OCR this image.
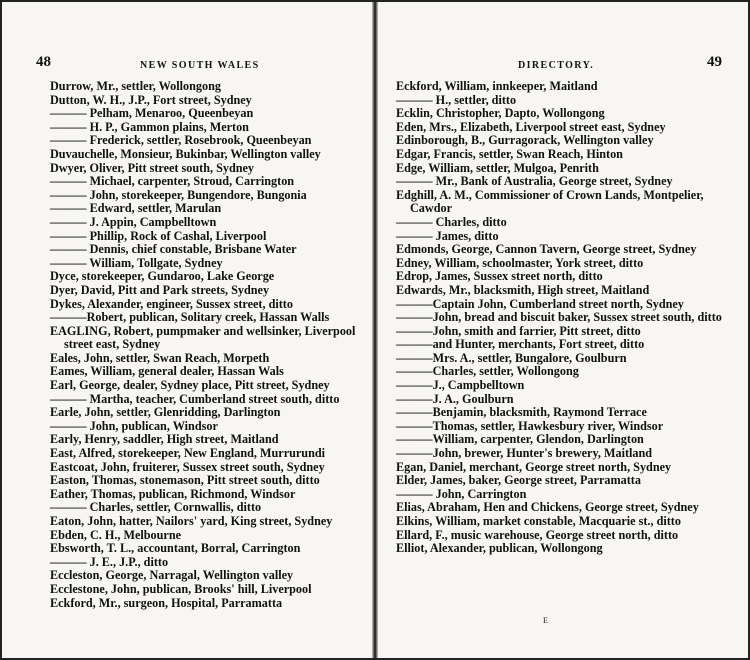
48	NEW SOUTH WALES
Durrow, Mr., settler, Wollongong
Dutton, W. H., J.P., Fort street, Sydney
——— Pelham, Menaroo, Queenbeyan
——— H. P., Gammon plains, Merton
——— Frederick, settler, Rosebrook, Queenbeyan
Duvauchelle, Monsieur, Bukinbar, Wellington valley
Dwyer, Oliver, Pitt street south, Sydney
——— Michael, carpenter, Stroud, Carrington
——— John, storekeeper, Bungendore, Bungonia
——— Edward, settler, Marulan
——— J. Appin, Campbelltown
——— Phillip, Rock of Cashal, Liverpool
——— Dennis, chief constable, Brisbane Water
——— William, Tollgate, Sydney
Dyce, storekeeper, Gundaroo, Lake George
Dyer, David, Pitt and Park streets, Sydney
Dykes, Alexander, engineer, Sussex street, ditto
———Robert, publican, Solitary creek, Hassan Walls
EAGLING, Robert, pumpmaker and wellsinker, Liverpool street east, Sydney
Eales, John, settler, Swan Reach, Morpeth
Eames, William, general dealer, Hassan Wals
Earl, George, dealer, Sydney place, Pitt street, Sydney
——— Martha, teacher, Cumberland street south, ditto
Earle, John, settler, Glenridding, Darlington
——— John, publican, Windsor
Early, Henry, saddler, High street, Maitland
East, Alfred, storekeeper, New England, Murrurundi
Eastcoat, John, fruiterer, Sussex street south, Sydney
Easton, Thomas, stonemason, Pitt street south, ditto
Eather, Thomas, publican, Richmond, Windsor
——— Charles, settler, Cornwallis, ditto
Eaton, John, hatter, Nailors' yard, King street, Sydney
Ebden, C. H., Melbourne
Ebsworth, T. L., accountant, Borral, Carrington
——— J. E., J.P., ditto
Eccleston, George, Narragal, Wellington valley
Ecclestone, John, publican, Brooks' hill, Liverpool
Eckford, Mr., surgeon, Hospital, Parramatta
DIRECTORY.	49
Eckford, William, innkeeper, Maitland
——— H., settler, ditto
Ecklin, Christopher, Dapto, Wollongong
Eden, Mrs., Elizabeth, Liverpool street east, Sydney
Edinborough, B., Gurragorack, Wellington valley
Edgar, Francis, settler, Swan Reach, Hinton
Edge, William, settler, Mulgoa, Penrith
——— Mr., Bank of Australia, George street, Sydney
Edghill, A. M., Commissioner of Crown Lands, Montpelier, Cawdor
——— Charles, ditto
——— James, ditto
Edmonds, George, Cannon Tavern, George street, Sydney
Edney, William, schoolmaster, York street, ditto
Edrop, James, Sussex street north, ditto
Edwards, Mr., blacksmith, High street, Maitland
———Captain John, Cumberland street north, Sydney
———John, bread and biscuit baker, Sussex street south, ditto
———John, smith and farrier, Pitt street, ditto
———and Hunter, merchants, Fort street, ditto
———Mrs. A., settler, Bungalore, Goulburn
———Charles, settler, Wollongong
———J., Campbelltown
———J. A., Goulburn
———Benjamin, blacksmith, Raymond Terrace
———Thomas, settler, Hawkesbury river, Windsor
———William, carpenter, Glendon, Darlington
———John, brewer, Hunter's brewery, Maitland
Egan, Daniel, merchant, George street north, Sydney
Elder, James, baker, George street, Parramatta
——— John, Carrington
Elias, Abraham, Hen and Chickens, George street, Sydney
Elkins, William, market constable, Macquarie st., ditto
Ellard, F., music warehouse, George street north, ditto
Elliot, Alexander, publican, Wollongong
E
